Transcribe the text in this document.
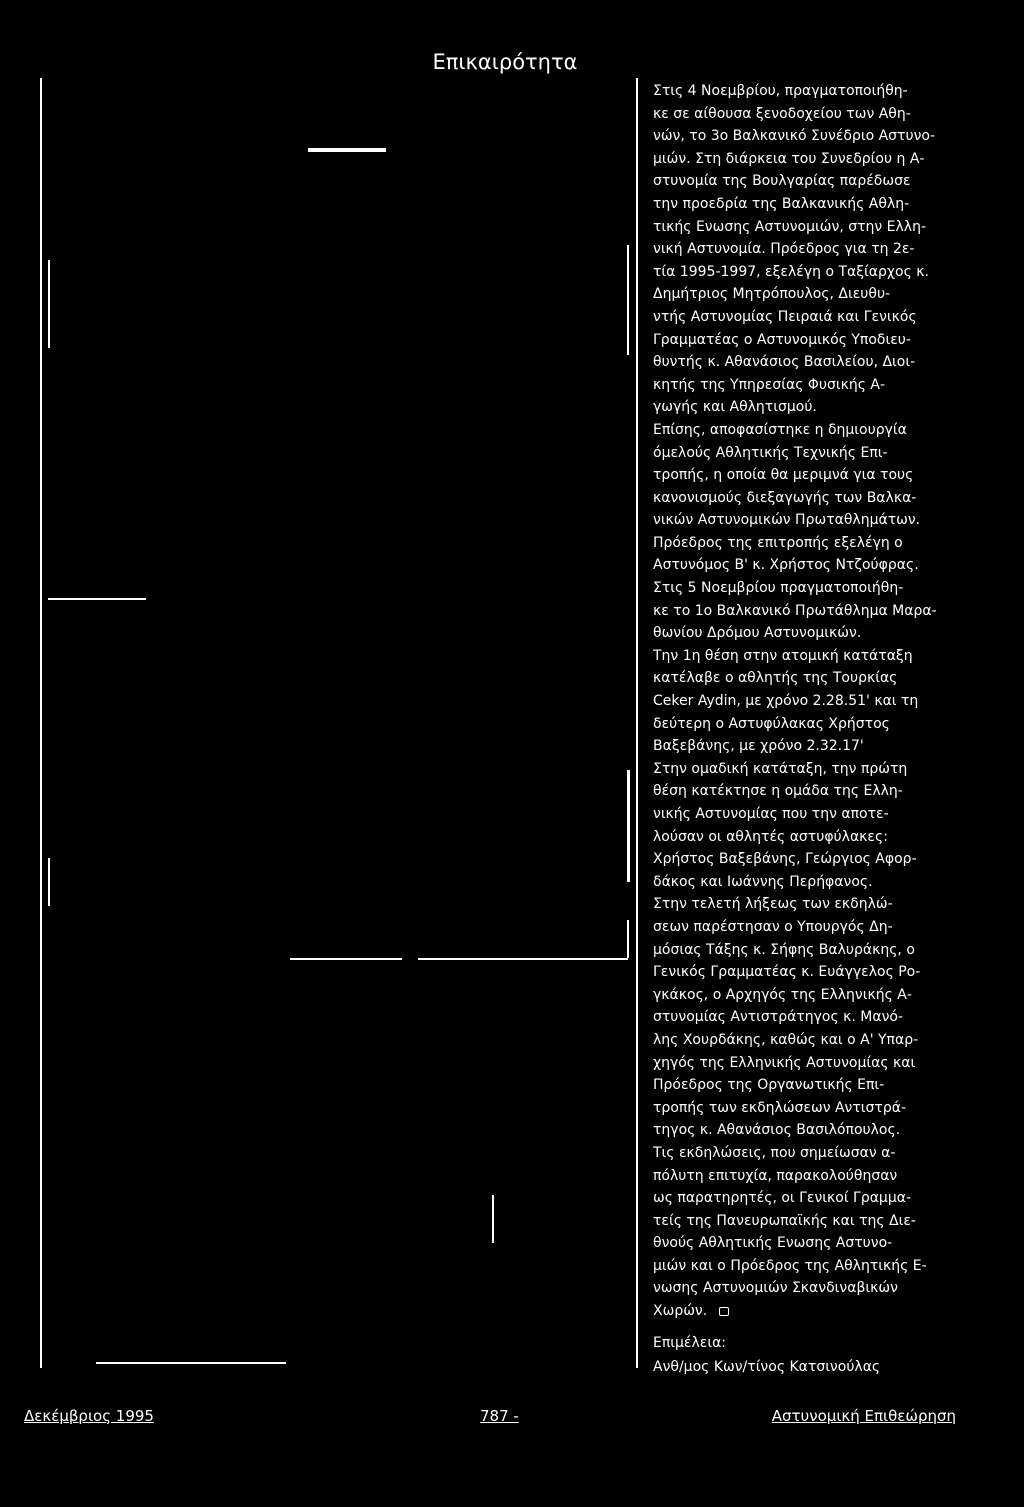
Επικαιρότητα
Στις 4 Νοεμβρίου, πραγματοποιήθη-
κε σε αίθουσα ξενοδοχείου των Αθη-
νών, το 3ο Βαλκανικό Συνέδριο Αστυνο-
μιών. Στη διάρκεια του Συνεδρίου η Α-
στυνομία της Βουλγαρίας παρέδωσε
την προεδρία της Βαλκανικής Αθλη-
τικής Ενωσης Αστυνομιών, στην Ελλη-
νική Αστυνομία. Πρόεδρος για τη 2ε-
τία 1995-1997, εξελέγη ο Ταξίαρχος κ.
Δημήτριος Μητρόπουλος, Διευθυ-
ντής Αστυνομίας Πειραιά και Γενικός
Γραμματέας ο Αστυνομικός Υποδιευ-
θυντής κ. Αθανάσιος Βασιλείου, Διοι-
κητής της Υπηρεσίας Φυσικής Α-
γωγής και Αθλητισμού.
Επίσης, αποφασίστηκε η δημιουργία
όμελούς Αθλητικής Τεχνικής Επι-
τροπής, η οποία θα μεριμνά για τους
κανονισμούς διεξαγωγής των Βαλκα-
νικών Αστυνομικών Πρωταθλημάτων.
Πρόεδρος της επιτροπής εξελέγη ο
Αστυνόμος Β' κ. Χρήστος Ντζούφρας.
Στις 5 Νοεμβρίου πραγματοποιήθη-
κε το 1ο Βαλκανικό Πρωτάθλημα Μαρα-
θωνίου Δρόμου Αστυνομικών.
Την 1η θέση στην ατομική κατάταξη
κατέλαβε ο αθλητής της Τουρκίας
Ceker Aydin, με χρόνο 2.28.51' και τη
δεύτερη ο Αστυφύλακας Χρήστος
Βαξεβάνης, με χρόνο 2.32.17'
Στην ομαδική κατάταξη, την πρώτη
θέση κατέκτησε η ομάδα της Ελλη-
νικής Αστυνομίας που την αποτε-
λούσαν οι αθλητές αστυφύλακες:
Χρήστος Βαξεβάνης, Γεώργιος Αφορ-
δάκος και Ιωάννης Περήφανος.
Στην τελετή λήξεως των εκδηλώ-
σεων παρέστησαν ο Υπουργός Δη-
μόσιας Τάξης κ. Σήφης Βαλυράκης, ο
Γενικός Γραμματέας κ. Ευάγγελος Ρο-
γκάκος, ο Αρχηγός της Ελληνικής Α-
στυνομίας Αντιστράτηγος κ. Μανό-
λης Χουρδάκης, καθώς και ο Α' Υπαρ-
χηγός της Ελληνικής Αστυνομίας και
Πρόεδρος της Οργανωτικής Επι-
τροπής των εκδηλώσεων Αντιστρά-
τηγος κ. Αθανάσιος Βασιλόπουλος.
Τις εκδηλώσεις, που σημείωσαν α-
πόλυτη επιτυχία, παρακολούθησαν
ως παρατηρητές, οι Γενικοί Γραμμα-
τείς της Πανευρωπαϊκής και της Διε-
θνούς Αθλητικής Ενωσης Αστυνο-
μιών και ο Πρόεδρος της Αθλητικής Ε-
νωσης Αστυνομιών Σκανδιναβικών
Χωρών.
Επιμέλεια:
Ανθ/μος Κων/τίνος Κατσινούλας
Δεκέμβριος 1995	787 -	Αστυνομική Επιθεώρηση
